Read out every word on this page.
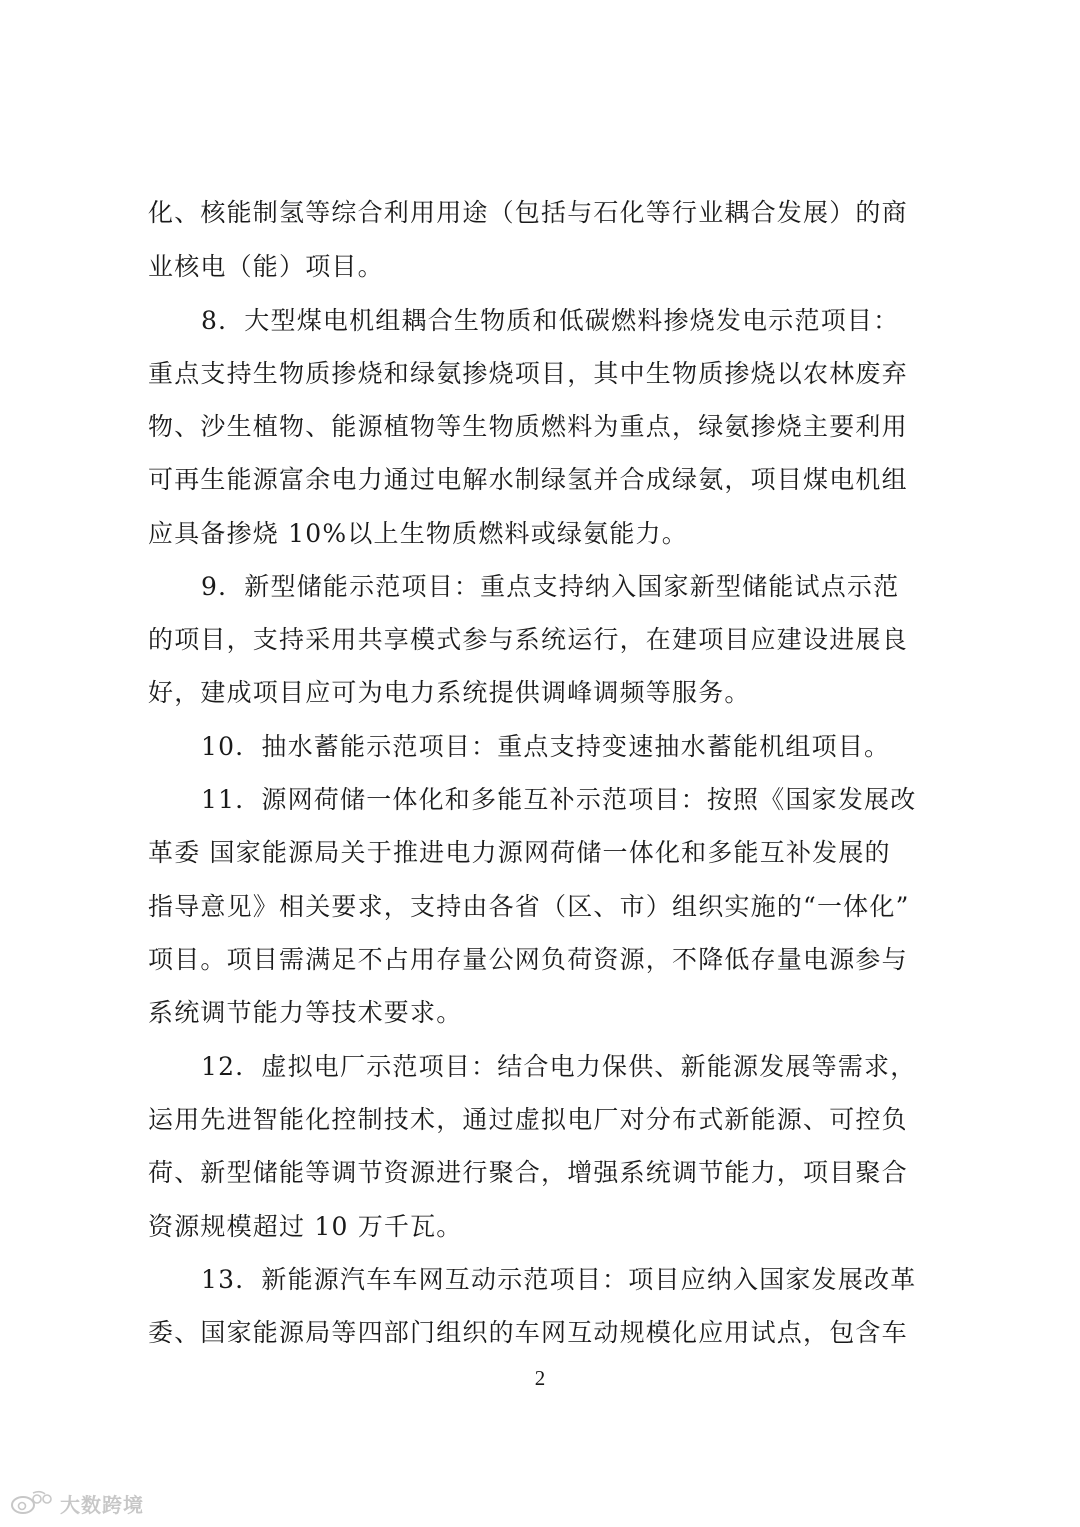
化、核能制氢等综合利用用途（包括与石化等行业耦合发展）的商
业核电（能）项目。
8．大型煤电机组耦合生物质和低碳燃料掺烧发电示范项目：
重点支持生物质掺烧和绿氨掺烧项目，其中生物质掺烧以农林废弃
物、沙生植物、能源植物等生物质燃料为重点，绿氨掺烧主要利用
可再生能源富余电力通过电解水制绿氢并合成绿氨，项目煤电机组
应具备掺烧 10%以上生物质燃料或绿氨能力。
9．新型储能示范项目：重点支持纳入国家新型储能试点示范
的项目，支持采用共享模式参与系统运行，在建项目应建设进展良
好，建成项目应可为电力系统提供调峰调频等服务。
10．抽水蓄能示范项目：重点支持变速抽水蓄能机组项目。
11．源网荷储一体化和多能互补示范项目：按照《国家发展改
革委 国家能源局关于推进电力源网荷储一体化和多能互补发展的
指导意见》相关要求，支持由各省（区、市）组织实施的“一体化”
项目。项目需满足不占用存量公网负荷资源，不降低存量电源参与
系统调节能力等技术要求。
12．虚拟电厂示范项目：结合电力保供、新能源发展等需求，
运用先进智能化控制技术，通过虚拟电厂对分布式新能源、可控负
荷、新型储能等调节资源进行聚合，增强系统调节能力，项目聚合
资源规模超过 10 万千瓦。
13．新能源汽车车网互动示范项目：项目应纳入国家发展改革
委、国家能源局等四部门组织的车网互动规模化应用试点，包含车
2
大数跨境
